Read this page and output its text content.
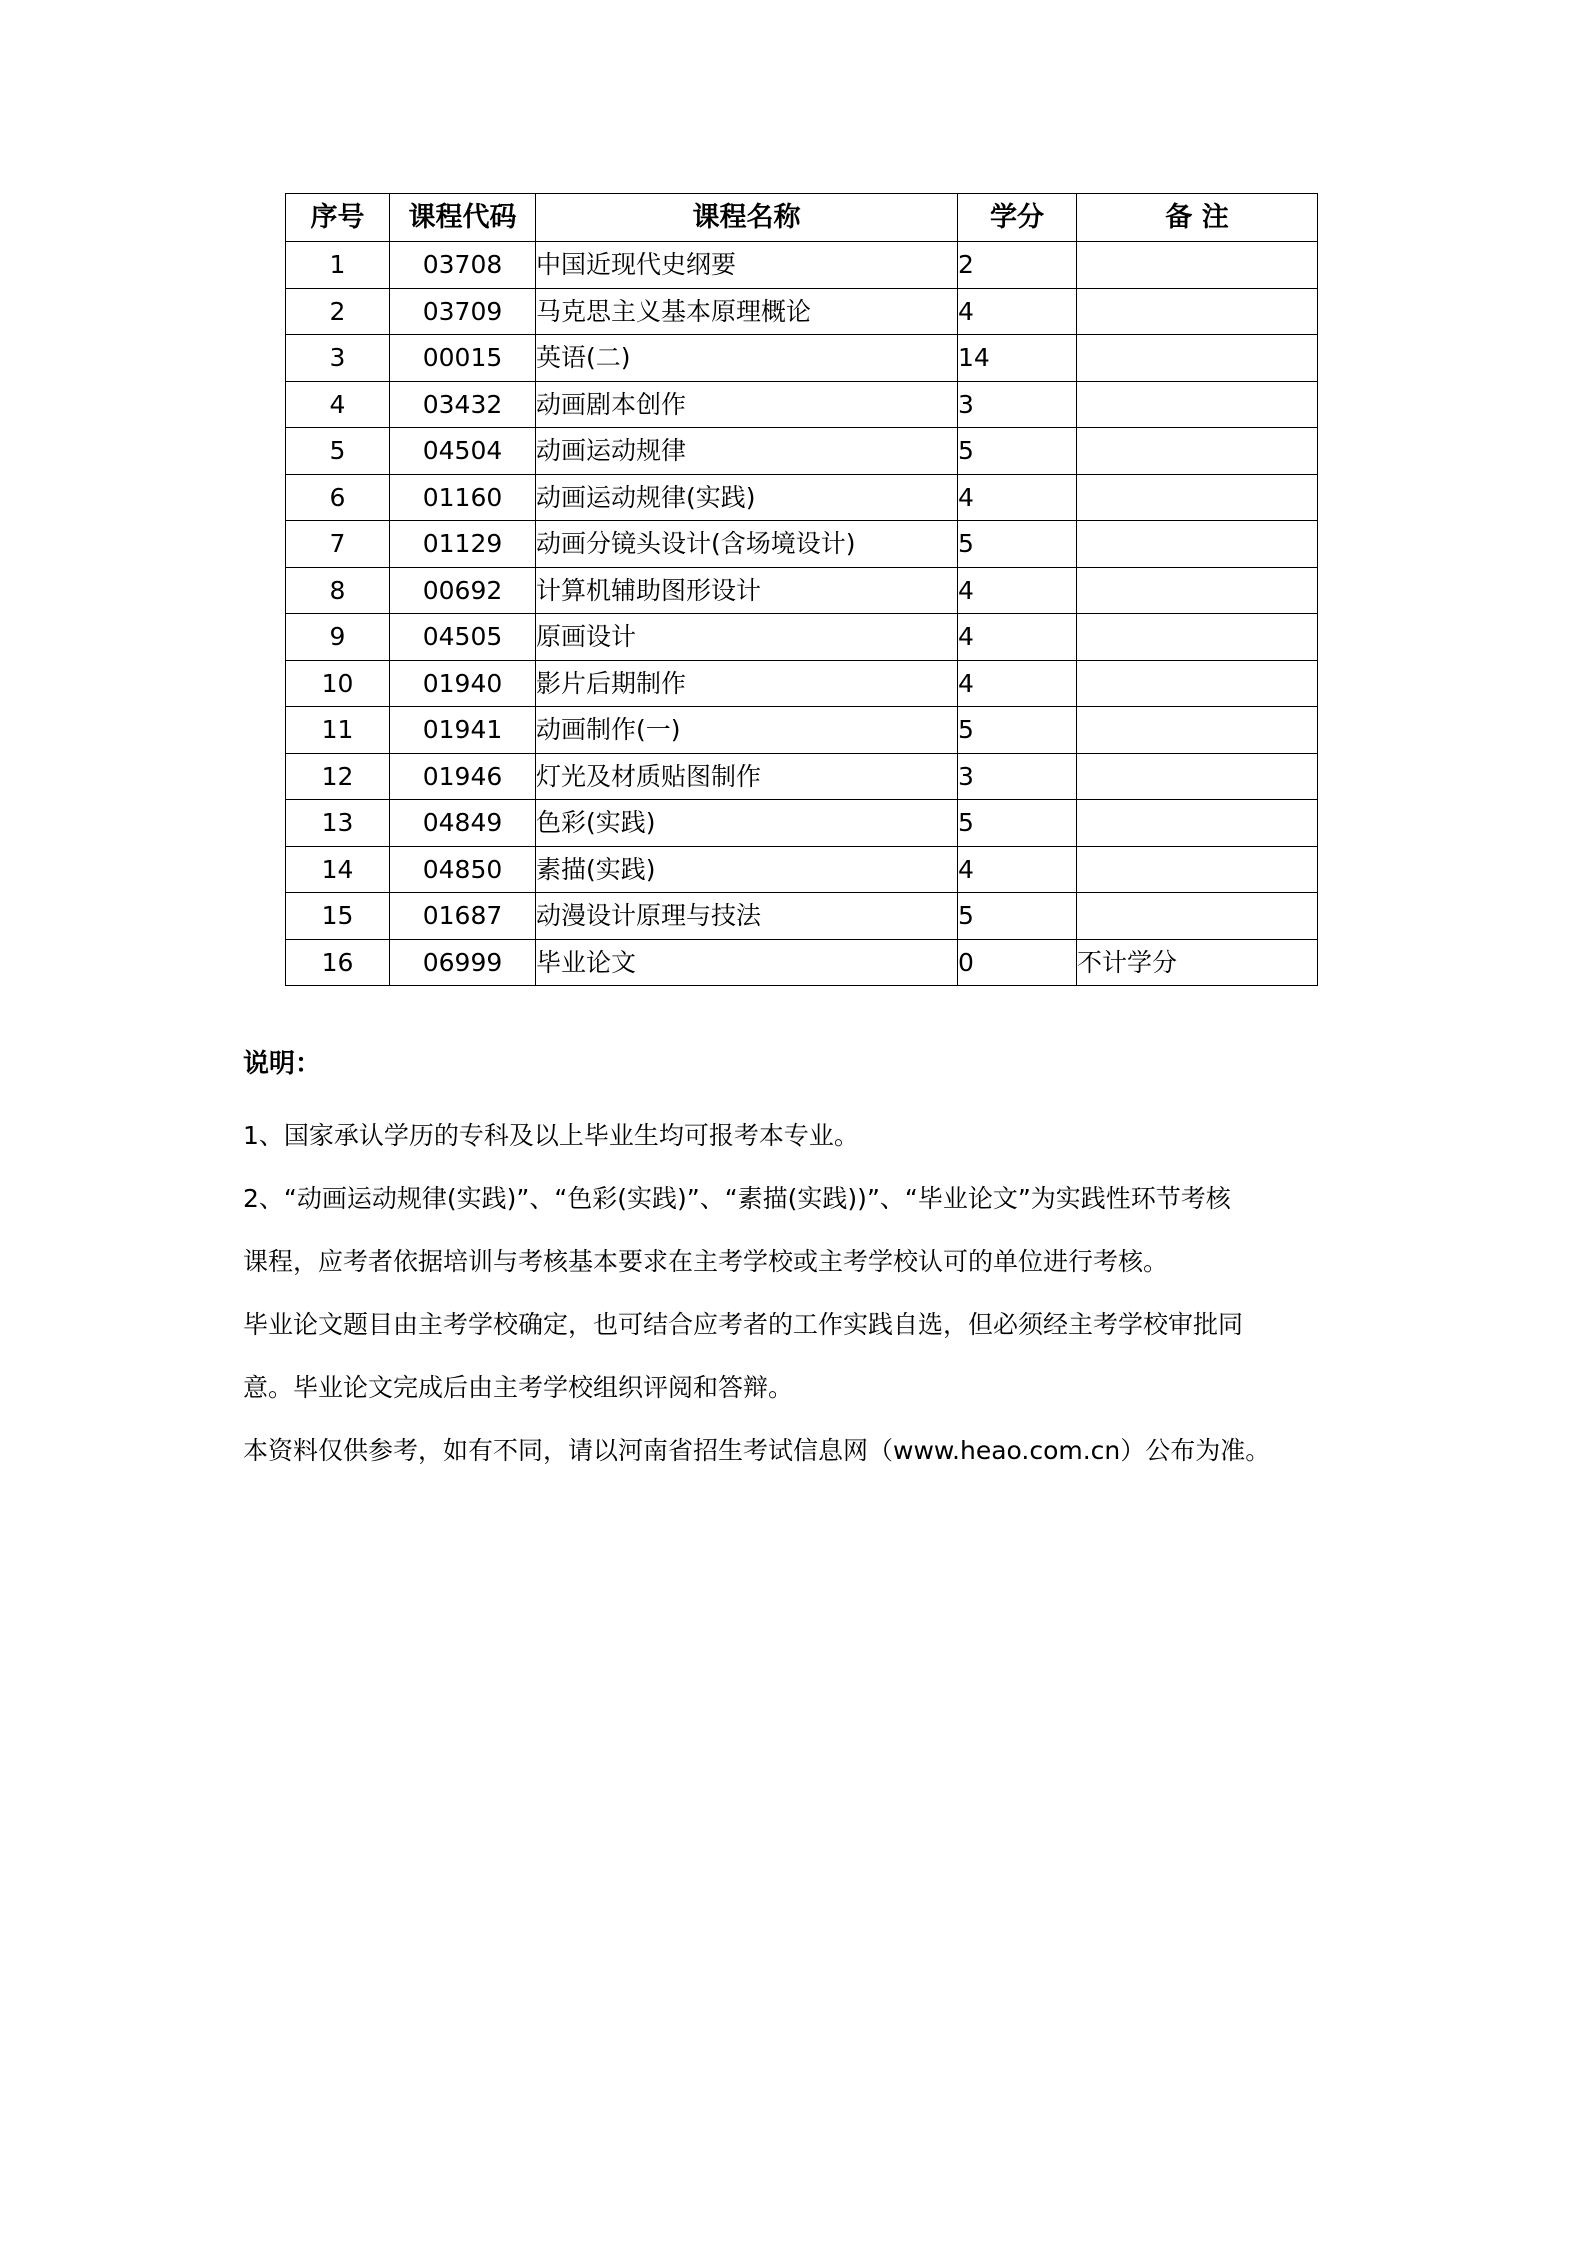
序号	课程代码	课程名称	学分	备 注
1	03708	中国近现代史纲要	2	
2	03709	马克思主义基本原理概论	4	
3	00015	英语(二)	14	
4	03432	动画剧本创作	3	
5	04504	动画运动规律	5	
6	01160	动画运动规律(实践)	4	
7	01129	动画分镜头设计(含场境设计)	5	
8	00692	计算机辅助图形设计	4	
9	04505	原画设计	4	
10	01940	影片后期制作	4	
11	01941	动画制作(一)	5	
12	01946	灯光及材质贴图制作	3	
13	04849	色彩(实践)	5	
14	04850	素描(实践)	4	
15	01687	动漫设计原理与技法	5	
16	06999	毕业论文	0	不计学分
说明：

1、国家承认学历的专科及以上毕业生均可报考本专业。

2、“动画运动规律(实践)”、“色彩(实践)”、“素描(实践))”、“毕业论文”为实践性环节考核

课程，应考者依据培训与考核基本要求在主考学校或主考学校认可的单位进行考核。

毕业论文题目由主考学校确定，也可结合应考者的工作实践自选，但必须经主考学校审批同

意。毕业论文完成后由主考学校组织评阅和答辩。

本资料仅供参考，如有不同，请以河南省招生考试信息网（www.heao.com.cn）公布为准。
